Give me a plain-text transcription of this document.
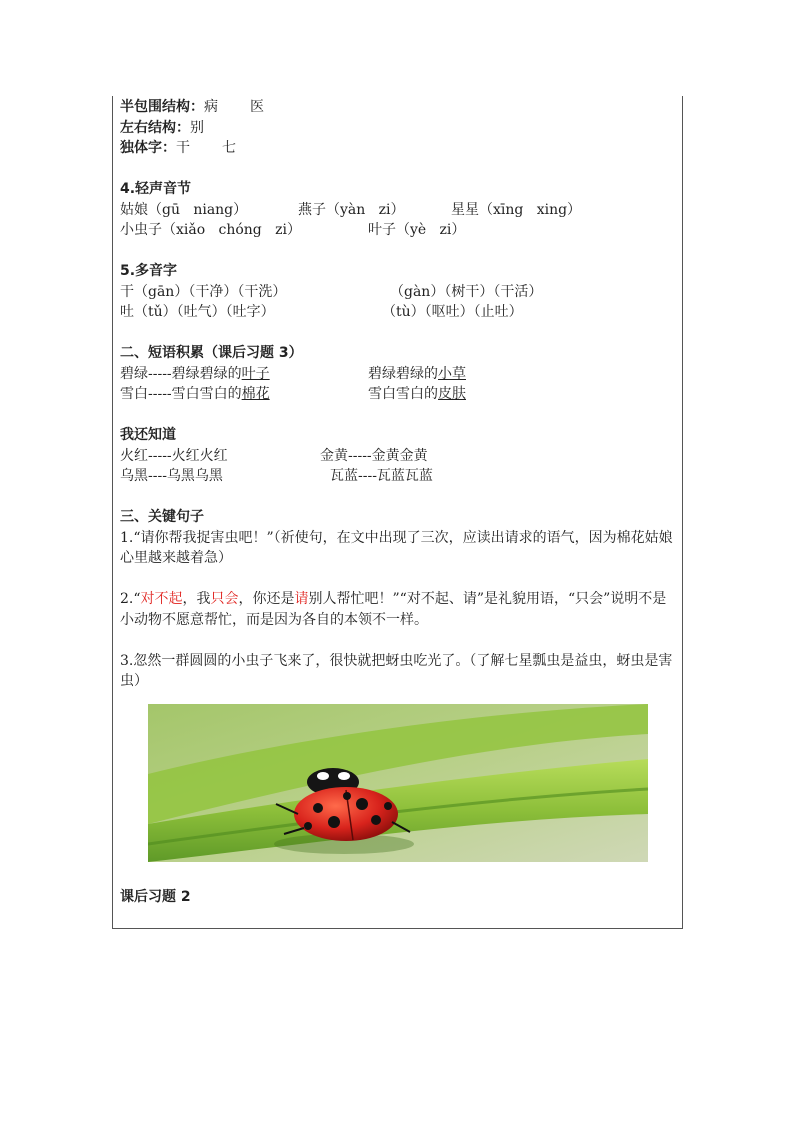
半包围结构：病 医
左右结构：别
独体字：干 七
4.轻声音节
姑娘（gū   niang）	燕子（yàn   zi）	星星（xīng   xing）
小虫子（xiǎo   chóng   zi）	叶子（yè   zi）
5.多音字
干（gān）（干净）（干洗）	（gàn）（树干）（干活）
吐（tǔ）（吐气）（吐字）	（tù）（呕吐）（止吐）
二、短语积累（课后习题 3）
碧绿-----碧绿碧绿的叶子	碧绿碧绿的小草
雪白-----雪白雪白的棉花	雪白雪白的皮肤
我还知道
火红-----火红火红	金黄-----金黄金黄
乌黑----乌黑乌黑	瓦蓝----瓦蓝瓦蓝
三、关键句子
1.“请你帮我捉害虫吧！”（祈使句，在文中出现了三次，应读出请求的语气，因为棉花姑娘心里越来越着急）
2.“对不起，我只会，你还是请别人帮忙吧！”“对不起、请”是礼貌用语，“只会”说明不是小动物不愿意帮忙，而是因为各自的本领不一样。
3.忽然一群圆圆的小虫子飞来了，很快就把蚜虫吃光了。（了解七星瓢虫是益虫，蚜虫是害虫）
课后习题 2
